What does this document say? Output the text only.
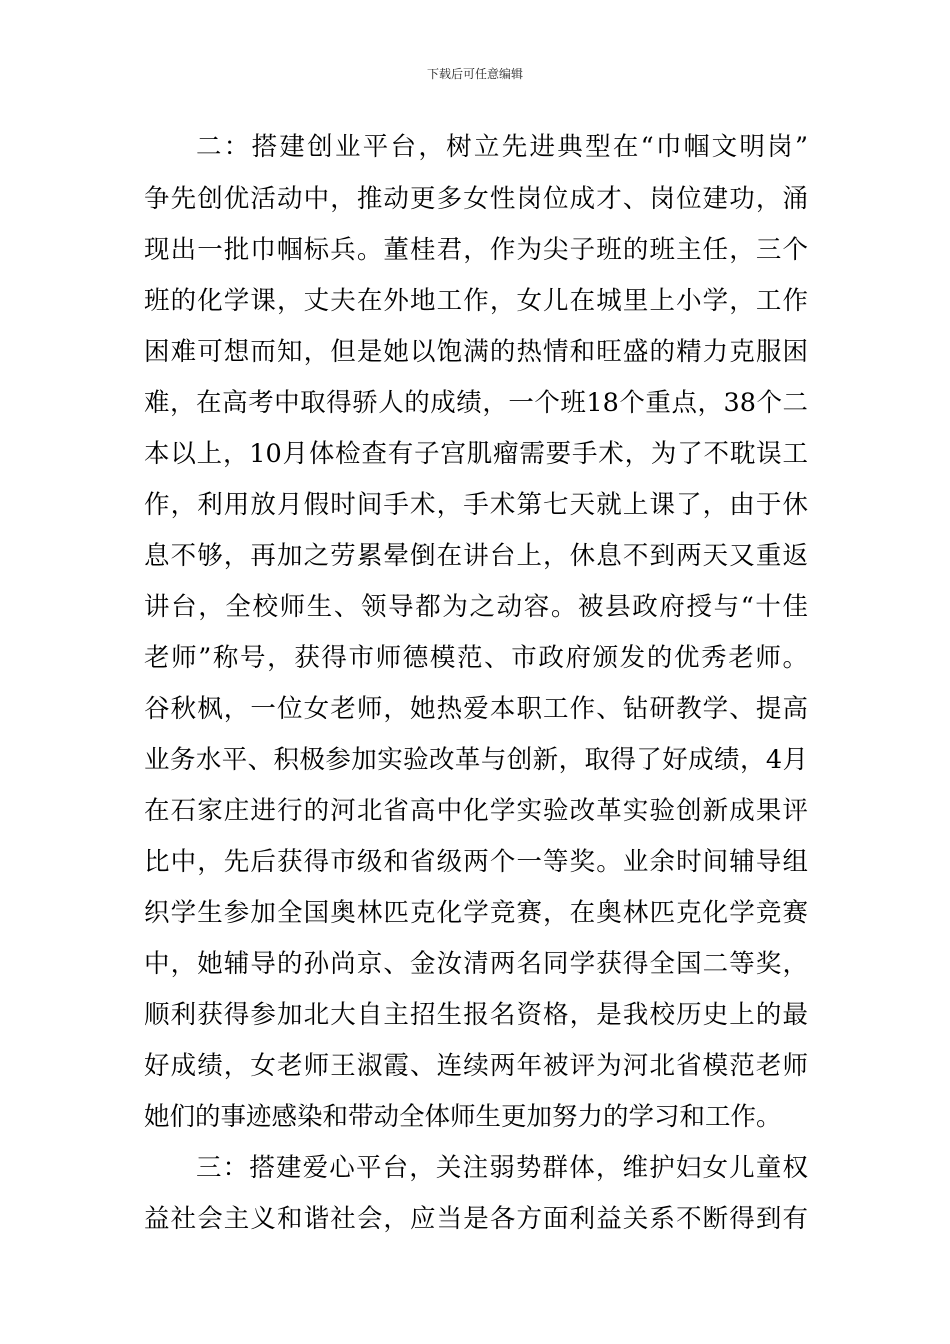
下载后可任意编辑
二：搭建创业平台，树立先进典型在“巾帼文明岗”
争先创优活动中，推动更多女性岗位成才、岗位建功，涌
现出一批巾帼标兵。董桂君，作为尖子班的班主任，三个
班的化学课，丈夫在外地工作，女儿在城里上小学，工作
困难可想而知，但是她以饱满的热情和旺盛的精力克服困
难，在高考中取得骄人的成绩，一个班18个重点，38个二
本以上，10月体检查有子宫肌瘤需要手术，为了不耽误工
作，利用放月假时间手术，手术第七天就上课了，由于休
息不够，再加之劳累晕倒在讲台上，休息不到两天又重返
讲台，全校师生、领导都为之动容。被县政府授与“十佳
老师”称号，获得市师德模范、市政府颁发的优秀老师。
谷秋枫，一位女老师，她热爱本职工作、钻研教学、提高
业务水平、积极参加实验改革与创新，取得了好成绩，4月
在石家庄进行的河北省高中化学实验改革实验创新成果评
比中，先后获得市级和省级两个一等奖。业余时间辅导组
织学生参加全国奥林匹克化学竞赛，在奥林匹克化学竞赛
中，她辅导的孙尚京、金汝清两名同学获得全国二等奖，
顺利获得参加北大自主招生报名资格，是我校历史上的最
好成绩，女老师王淑霞、连续两年被评为河北省模范老师
她们的事迹感染和带动全体师生更加努力的学习和工作。
三：搭建爱心平台，关注弱势群体，维护妇女儿童权
益社会主义和谐社会，应当是各方面利益关系不断得到有
